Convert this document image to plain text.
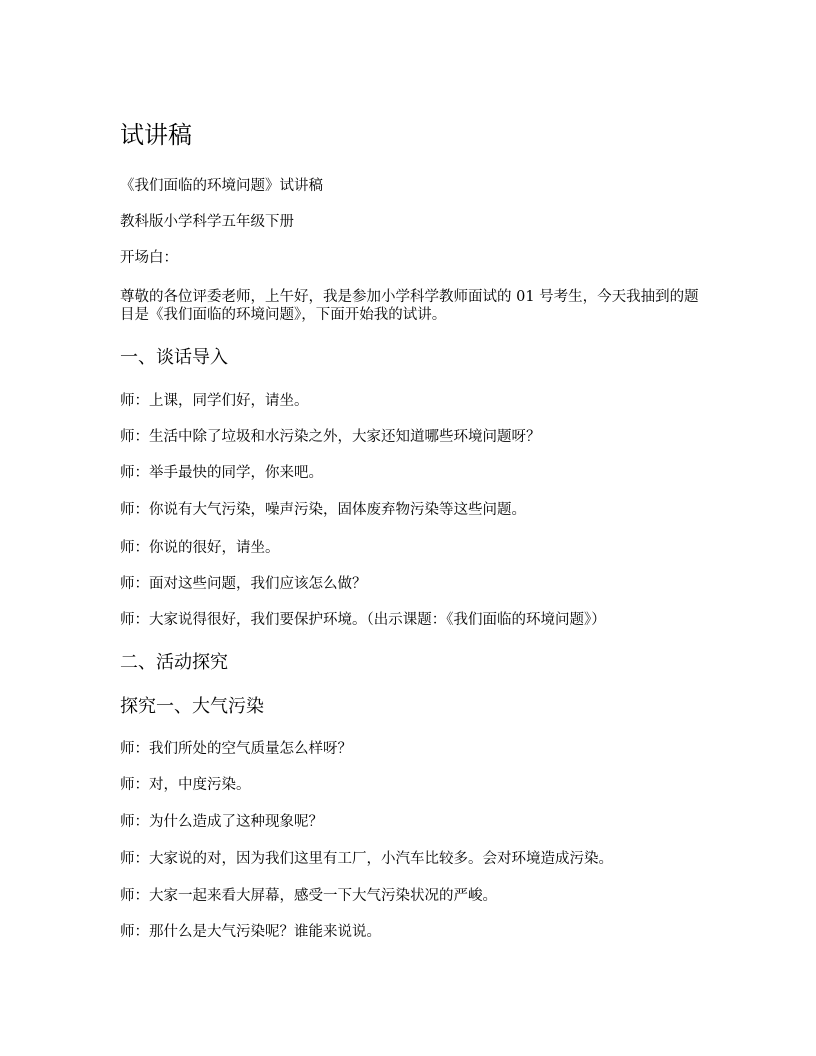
试讲稿
《我们面临的环境问题》试讲稿
教科版小学科学五年级下册
开场白：
尊敬的各位评委老师，上午好，我是参加小学科学教师面试的 01 号考生，今天我抽到的题目是《我们面临的环境问题》，下面开始我的试讲。
一、谈话导入
师：上课，同学们好，请坐。
师：生活中除了垃圾和水污染之外，大家还知道哪些环境问题呀？
师：举手最快的同学，你来吧。
师：你说有大气污染，噪声污染，固体废弃物污染等这些问题。
师：你说的很好，请坐。
师：面对这些问题，我们应该怎么做？
师：大家说得很好，我们要保护环境。（出示课题：《我们面临的环境问题》）
二、活动探究
探究一、大气污染
师：我们所处的空气质量怎么样呀？
师：对，中度污染。
师：为什么造成了这种现象呢？
师：大家说的对，因为我们这里有工厂，小汽车比较多。会对环境造成污染。
师：大家一起来看大屏幕，感受一下大气污染状况的严峻。
师：那什么是大气污染呢？谁能来说说。
